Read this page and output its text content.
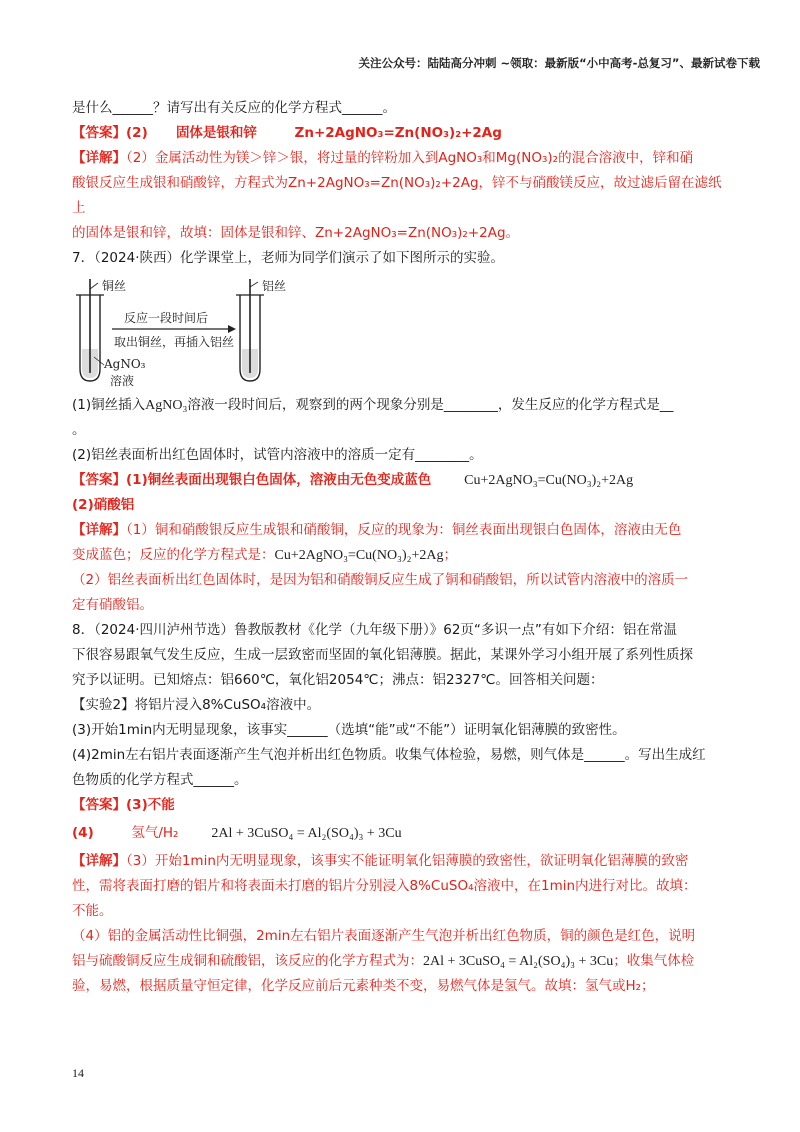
关注公众号：陆陆高分冲刺 ~领取：最新版“小中高考-总复习”、最新试卷下载

是什么______？请写出有关反应的化学方程式______。

【答案】(2) 固体是银和锌	Zn+2AgNO₃=Zn(NO₃)₂+2Ag

【详解】（2）金属活动性为镁＞锌＞银，将过量的锌粉加入到AgNO₃和Mg(NO₃)₂的混合溶液中，锌和硝

酸银反应生成银和硝酸锌，方程式为Zn+2AgNO₃=Zn(NO₃)₂+2Ag，锌不与硝酸镁反应，故过滤后留在滤纸上

的固体是银和锌，故填：固体是银和锌、Zn+2AgNO₃=Zn(NO₃)₂+2Ag。

7．（2024·陕西）化学课堂上，老师为同学们演示了如下图所示的实验。

铜丝	铝丝
反应一段时间后
取出铜丝，再插入铝丝
AgNO₃
溶液

(1)铜丝插入AgNO₃溶液一段时间后，观察到的两个现象分别是________，发生反应的化学方程式是__

。

(2)铝丝表面析出红色固体时，试管内溶液中的溶质一定有________。

【答案】(1)铜丝表面出现银白色固体，溶液由无色变成蓝色 Cu+2AgNO₃=Cu(NO₃)₂+2Ag

(2)硝酸铝

【详解】（1）铜和硝酸银反应生成银和硝酸铜，反应的现象为：铜丝表面出现银白色固体，溶液由无色

变成蓝色；反应的化学方程式是：Cu+2AgNO₃=Cu(NO₃)₂+2Ag；

（2）铝丝表面析出红色固体时，是因为铝和硝酸铜反应生成了铜和硝酸铝，所以试管内溶液中的溶质一

定有硝酸铝。

8．（2024·四川泸州节选）鲁教版教材《化学（九年级下册）》62页“多识一点”有如下介绍：铝在常温

下很容易跟氧气发生反应，生成一层致密而坚固的氧化铝薄膜。据此，某课外学习小组开展了系列性质探

究予以证明。已知熔点：铝660℃，氧化铝2054℃；沸点：铝2327℃。回答相关问题：

【实验2】将铝片浸入8%CuSO₄溶液中。

(3)开始1min内无明显现象，该事实______（选填“能”或“不能”）证明氧化铝薄膜的致密性。

(4)2min左右铝片表面逐渐产生气泡并析出红色物质。收集气体检验，易燃，则气体是______。写出生成红

色物质的化学方程式______。

【答案】(3)不能

(4)	氢气/H₂ 2Al + 3CuSO₄ = Al₂(SO₄)₃ + 3Cu

【详解】（3）开始1min内无明显现象，该事实不能证明氧化铝薄膜的致密性，欲证明氧化铝薄膜的致密

性，需将表面打磨的铝片和将表面未打磨的铝片分别浸入8%CuSO₄溶液中，在1min内进行对比。故填：

不能。

（4）铝的金属活动性比铜强，2min左右铝片表面逐渐产生气泡并析出红色物质，铜的颜色是红色，说明

铝与硫酸铜反应生成铜和硫酸铝，该反应的化学方程式为：2Al + 3CuSO₄ = Al₂(SO₄)₃ + 3Cu；收集气体检

验，易燃，根据质量守恒定律，化学反应前后元素种类不变，易燃气体是氢气。故填：氢气或H₂；

14
